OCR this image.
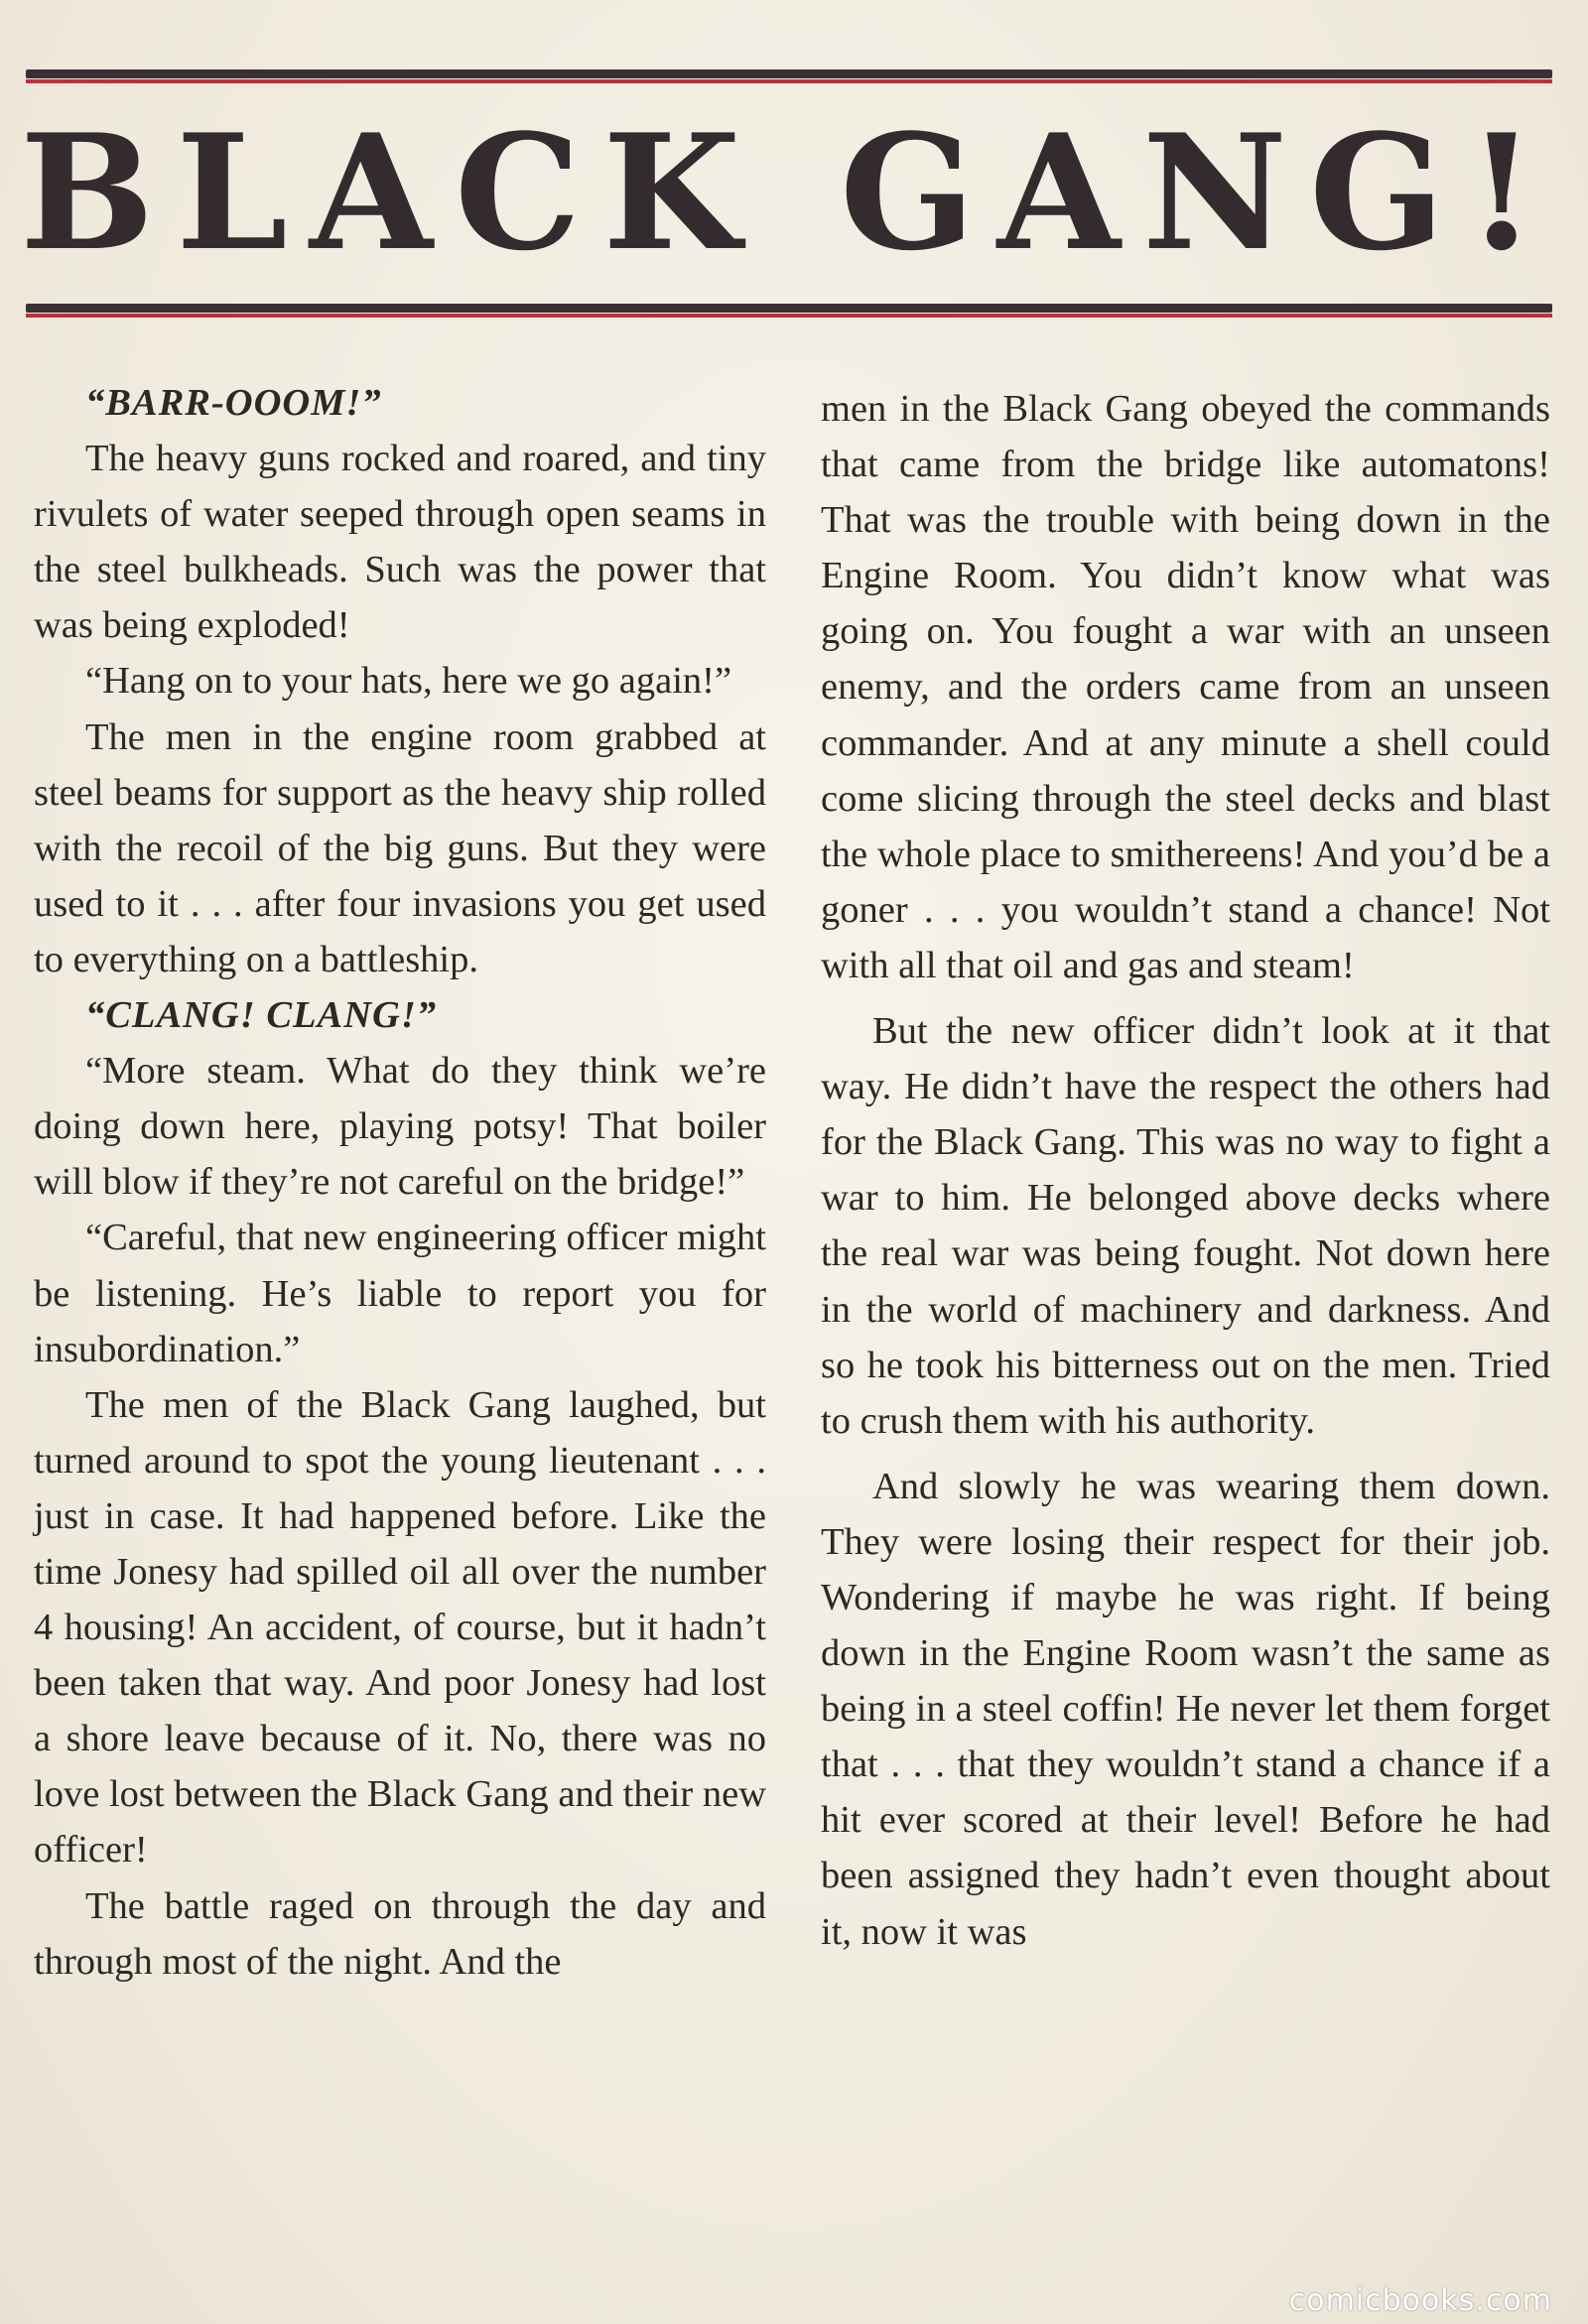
BLACK GANG!

“BARR-OOOM!”

The heavy guns rocked and roared, and tiny rivulets of water seeped through open seams in the steel bulkheads. Such was the power that was being exploded!

“Hang on to your hats, here we go again!”

The men in the engine room grabbed at steel beams for support as the heavy ship rolled with the recoil of the big guns. But they were used to it . . . after four invasions you get used to everything on a battleship.

“CLANG! CLANG!”

“More steam. What do they think we’re doing down here, playing potsy! That boiler will blow if they’re not careful on the bridge!”

“Careful, that new engineering officer might be listening. He’s liable to report you for insubordination.”

The men of the Black Gang laughed, but turned around to spot the young lieutenant . . . just in case. It had happened before. Like the time Jonesy had spilled oil all over the number 4 housing! An accident, of course, but it hadn’t been taken that way. And poor Jonesy had lost a shore leave because of it. No, there was no love lost between the Black Gang and their new officer!

The battle raged on through the day and through most of the night. And the

men in the Black Gang obeyed the commands that came from the bridge like automatons! That was the trouble with being down in the Engine Room. You didn’t know what was going on. You fought a war with an unseen enemy, and the orders came from an unseen commander. And at any minute a shell could come slicing through the steel decks and blast the whole place to smithereens! And you’d be a goner . . . you wouldn’t stand a chance! Not with all that oil and gas and steam!

But the new officer didn’t look at it that way. He didn’t have the respect the others had for the Black Gang. This was no way to fight a war to him. He belonged above decks where the real war was being fought. Not down here in the world of machinery and darkness. And so he took his bitterness out on the men. Tried to crush them with his authority.

And slowly he was wearing them down. They were losing their respect for their job. Wondering if maybe he was right. If being down in the Engine Room wasn’t the same as being in a steel coffin! He never let them forget that . . . that they wouldn’t stand a chance if a hit ever scored at their level! Before he had been assigned they hadn’t even thought about it, now it was

comicbooks.com
